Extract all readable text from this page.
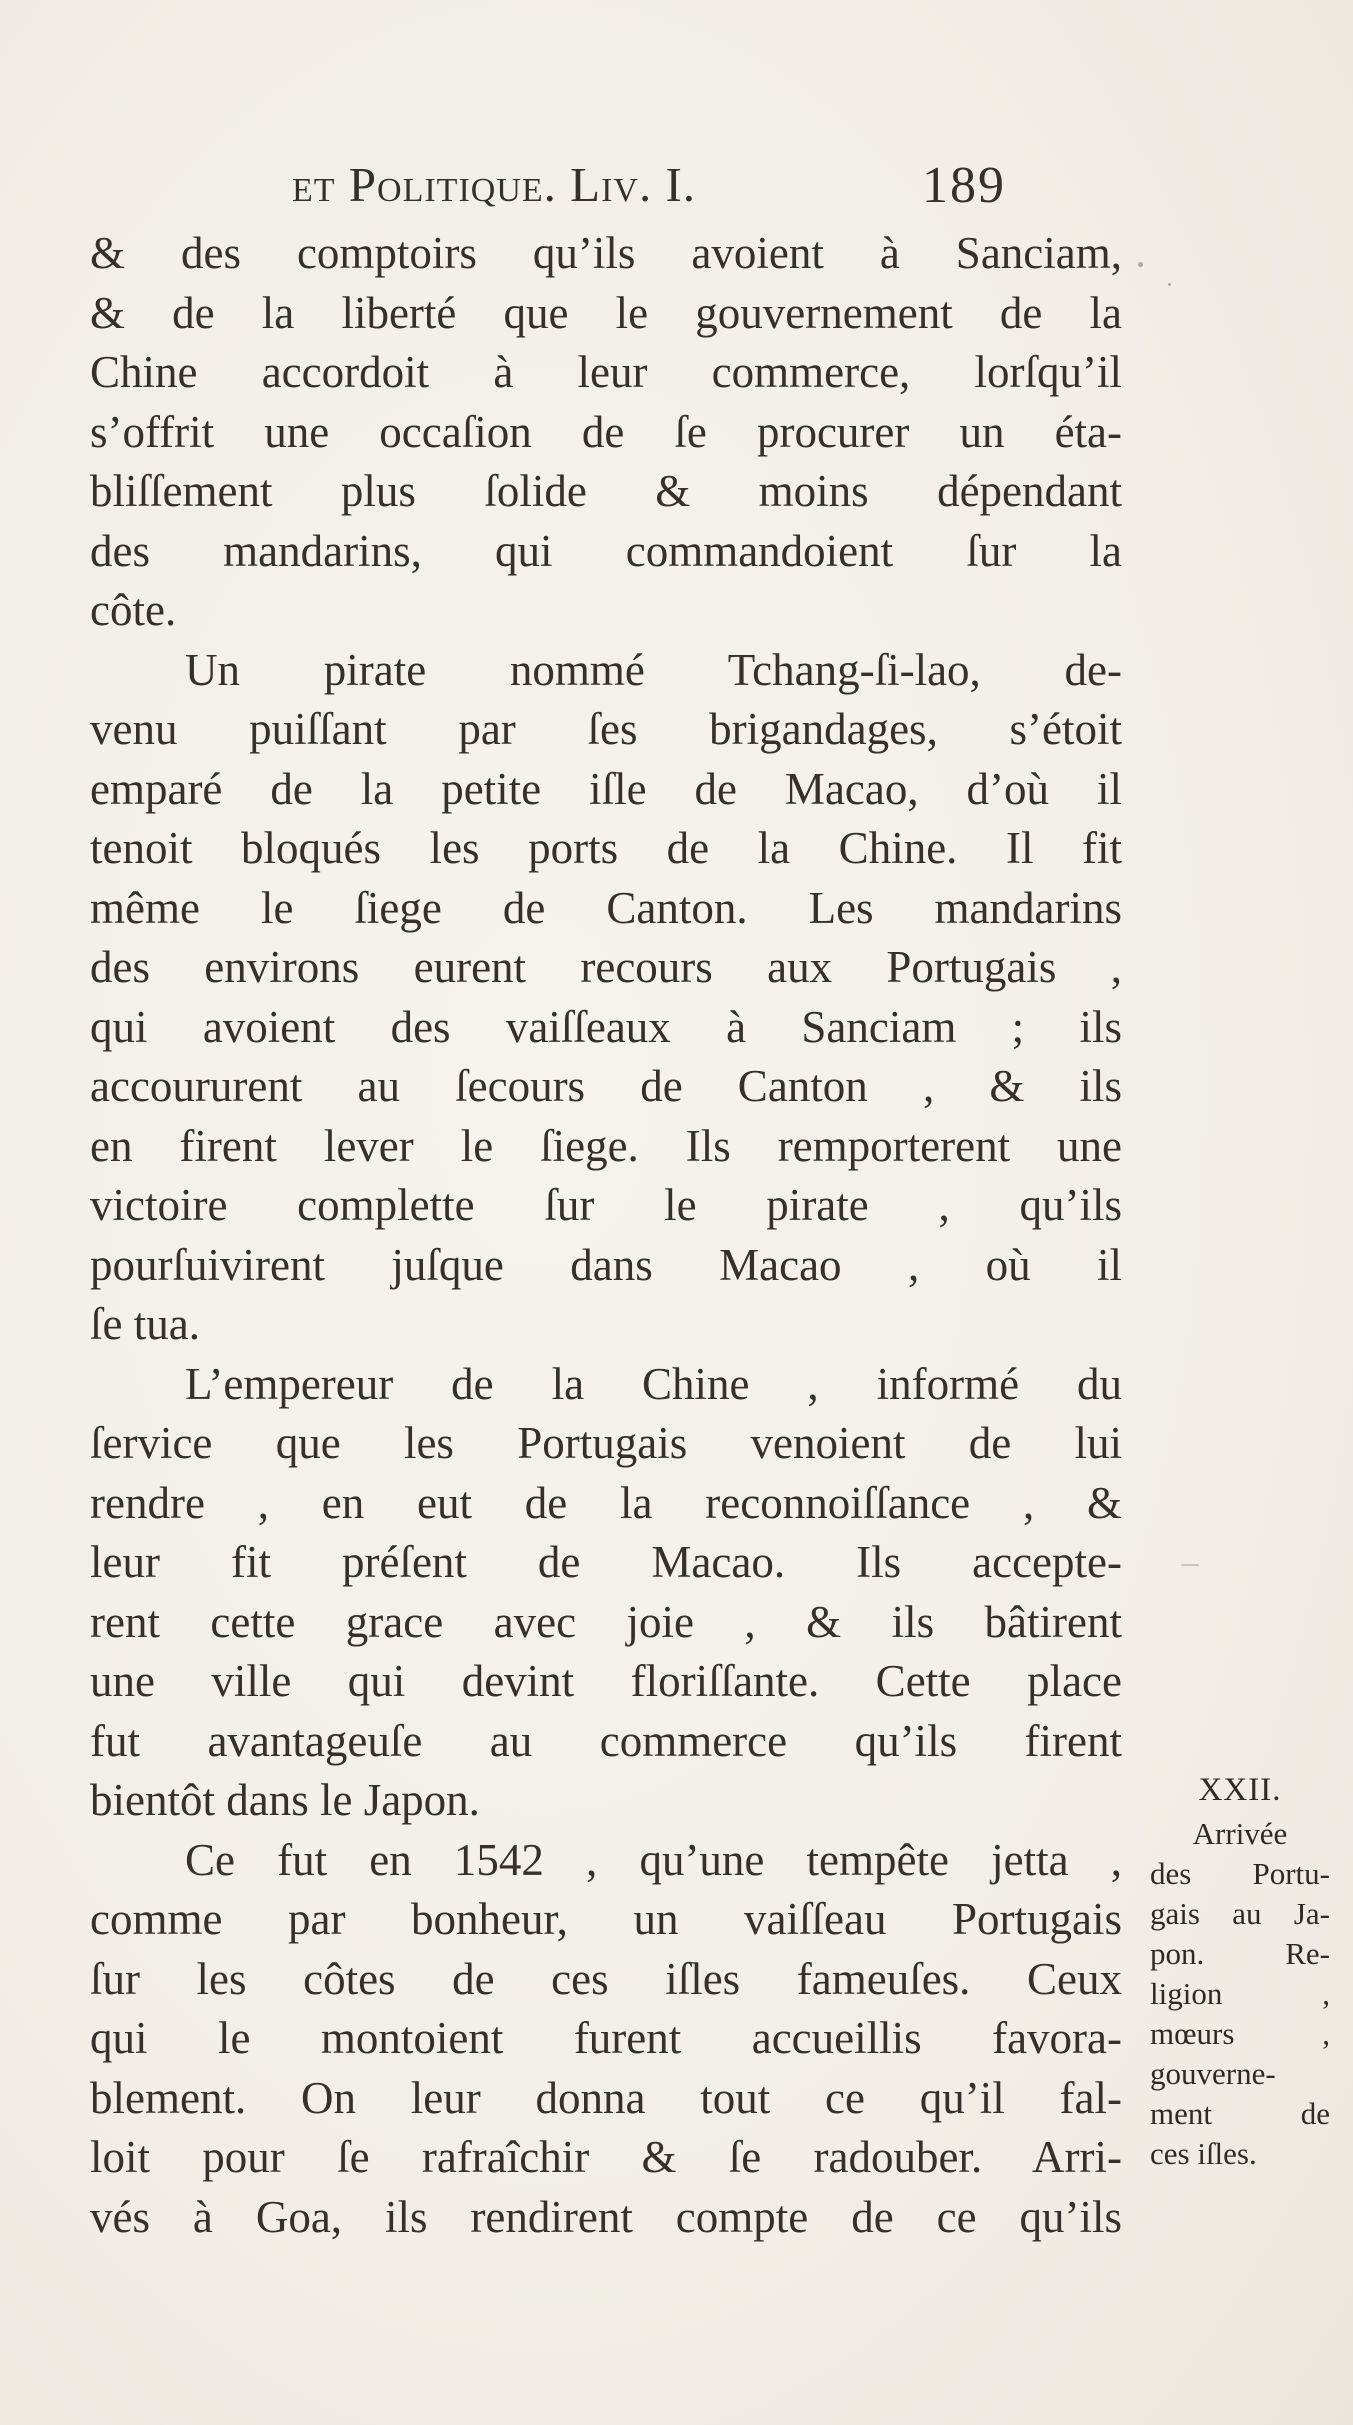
et Politique. Liv. I.	189
& des comptoirs qu’ils avoient à Sanciam,
& de la liberté que le gouvernement de la
Chine accordoit à leur commerce, lorſqu’il
s’offrit une occaſion de ſe procurer un éta-
bliſſement plus ſolide & moins dépendant
des mandarins, qui commandoient ſur la
côte.
Un pirate nommé Tchang-ſi-lao, de-
venu puiſſant par ſes brigandages, s’étoit
emparé de la petite iſle de Macao, d’où il
tenoit bloqués les ports de la Chine. Il fit
même le ſiege de Canton. Les mandarins
des environs eurent recours aux Portugais ,
qui avoient des vaiſſeaux à Sanciam ; ils
accoururent au ſecours de Canton , & ils
en firent lever le ſiege. Ils remporterent une
victoire complette ſur le pirate , qu’ils
pourſuivirent juſque dans Macao , où il
ſe tua.
L’empereur de la Chine , informé du
ſervice que les Portugais venoient de lui
rendre , en eut de la reconnoiſſance , &
leur fit préſent de Macao. Ils accepte-
rent cette grace avec joie , & ils bâtirent
une ville qui devint floriſſante. Cette place
fut avantageuſe au commerce qu’ils firent
bientôt dans le Japon.
Ce fut en 1542 , qu’une tempête jetta ,
comme par bonheur, un vaiſſeau Portugais
ſur les côtes de ces iſles fameuſes. Ceux
qui le montoient furent accueillis favora-
blement. On leur donna tout ce qu’il fal-
loit pour ſe rafraîchir & ſe radouber. Arri-
vés à Goa, ils rendirent compte de ce qu’ils
XXII.
Arrivée
des Portu-
gais au Ja-
pon. Re-
ligion ,
mœurs ,
gouverne-
ment de
ces iſles.
